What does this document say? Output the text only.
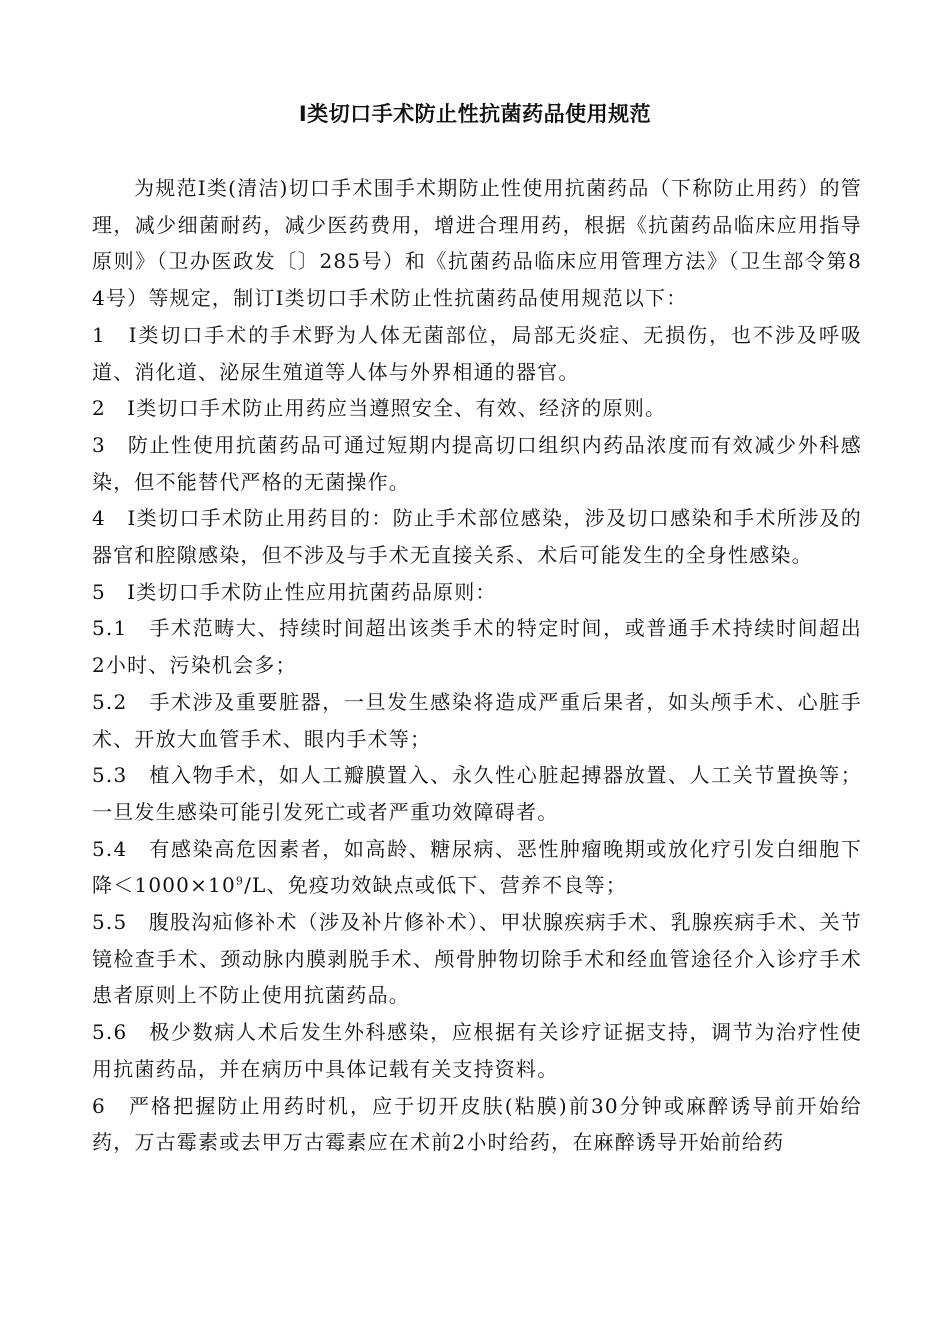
Ⅰ类切口手术防止性抗菌药品使用规范

为规范Ⅰ类(清洁)切口手术围手术期防止性使用抗菌药品（下称防止用药）的管理，减少细菌耐药，减少医药费用，增进合理用药，根据《抗菌药品临床应用指导原则》（卫办医政发〔〕285号）和《抗菌药品临床应用管理方法》（卫生部令第84号）等规定，制订Ⅰ类切口手术防止性抗菌药品使用规范以下：

1　Ⅰ类切口手术的手术野为人体无菌部位，局部无炎症、无损伤，也不涉及呼吸道、消化道、泌尿生殖道等人体与外界相通的器官。

2　Ⅰ类切口手术防止用药应当遵照安全、有效、经济的原则。

3　防止性使用抗菌药品可通过短期内提高切口组织内药品浓度而有效减少外科感染，但不能替代严格的无菌操作。

4　Ⅰ类切口手术防止用药目的：防止手术部位感染，涉及切口感染和手术所涉及的器官和腔隙感染，但不涉及与手术无直接关系、术后可能发生的全身性感染。

5　Ⅰ类切口手术防止性应用抗菌药品原则：

5.1　手术范畴大、持续时间超出该类手术的特定时间，或普通手术持续时间超出2小时、污染机会多；

5.2　手术涉及重要脏器，一旦发生感染将造成严重后果者，如头颅手术、心脏手术、开放大血管手术、眼内手术等；

5.3　植入物手术，如人工瓣膜置入、永久性心脏起搏器放置、人工关节置换等；一旦发生感染可能引发死亡或者严重功效障碍者。

5.4　有感染高危因素者，如高龄、糖尿病、恶性肿瘤晚期或放化疗引发白细胞下降$<1000\times 10^9/L$、免疫功效缺点或低下、营养不良等；

5.5　腹股沟疝修补术（涉及补片修补术）、甲状腺疾病手术、乳腺疾病手术、关节镜检查手术、颈动脉内膜剥脱手术、颅骨肿物切除手术和经血管途径介入诊疗手术患者原则上不防止使用抗菌药品。

5.6　极少数病人术后发生外科感染，应根据有关诊疗证据支持，调节为治疗性使用抗菌药品，并在病历中具体记载有关支持资料。

6　严格把握防止用药时机，应于切开皮肤(粘膜)前30分钟或麻醉诱导前开始给药，万古霉素或去甲万古霉素应在术前2小时给药，在麻醉诱导开始前给药
